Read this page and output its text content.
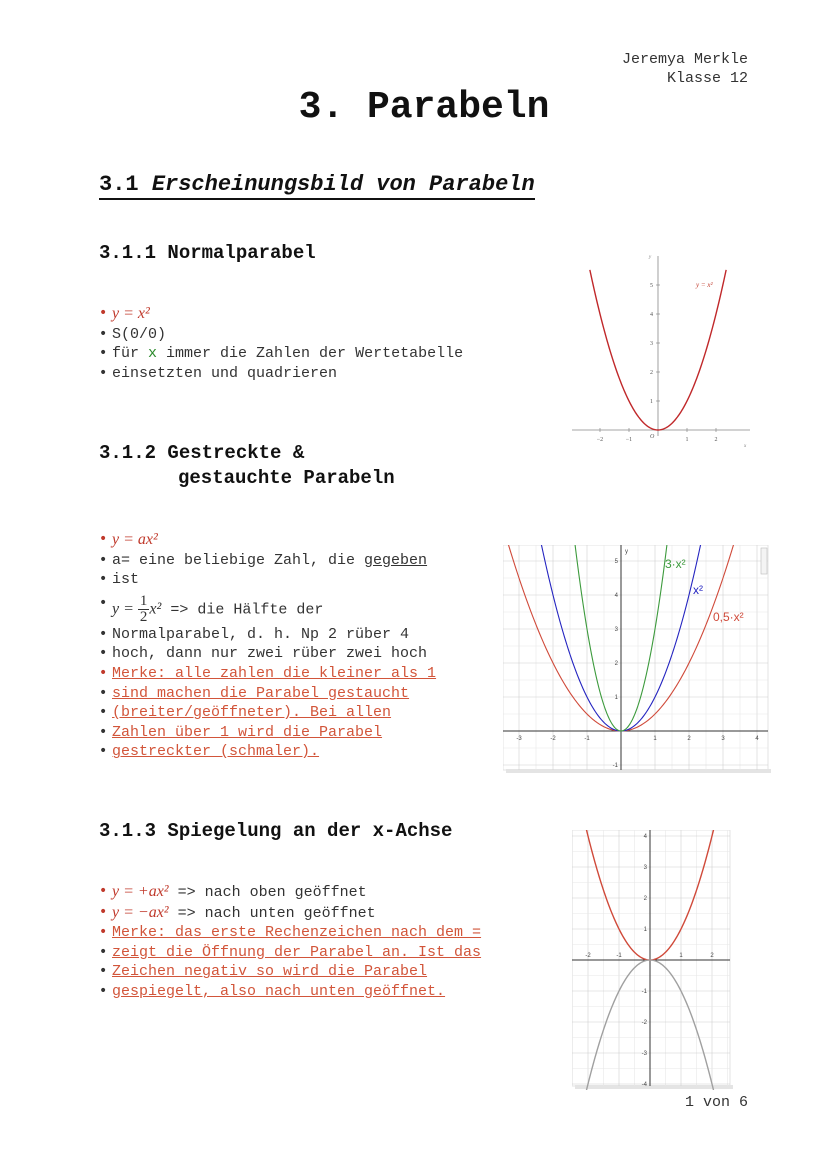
Jeremya Merkle
Klasse 12
3. Parabeln
3.1 Erscheinungsbild von Parabeln
3.1.1 Normalparabel
• y = x²
• S(0/0)
• für x immer die Zahlen der Wertetabelle
• einsetzten und quadrieren
−2	−1	1	2
1
2
3
4
5
y
x
O
y = x²
3.1.2 Gestreckte &
gestauchte Parabeln
• y = ax²
• a= eine beliebige Zahl, die gegeben
• ist
• $y = \frac{1}{2} x^2$ => die Hälfte der
• Normalparabel, d. h. Np 2 rüber 4
• hoch, dann nur zwei rüber zwei hoch
• Merke: alle zahlen die kleiner als 1
• sind machen die Parabel gestaucht
• (breiter/geöffneter). Bei allen
• Zahlen über 1 wird die Parabel
• gestreckter (schmaler).
-3	-2	-1	1	2	3	4
-1
1
2
3
4
5
y
3·x²
x²
0,5·x²
3.1.3 Spiegelung an der x-Achse
• y = +ax² => nach oben geöffnet
• y = −ax² => nach unten geöffnet
• Merke: das erste Rechenzeichen nach dem =
• zeigt die Öffnung der Parabel an. Ist das
• Zeichen negativ so wird die Parabel
• gespiegelt, also nach unten geöffnet.
-2	-1	1	2
4
3
2
1
-1
-2
-3
-4
1 von 6
